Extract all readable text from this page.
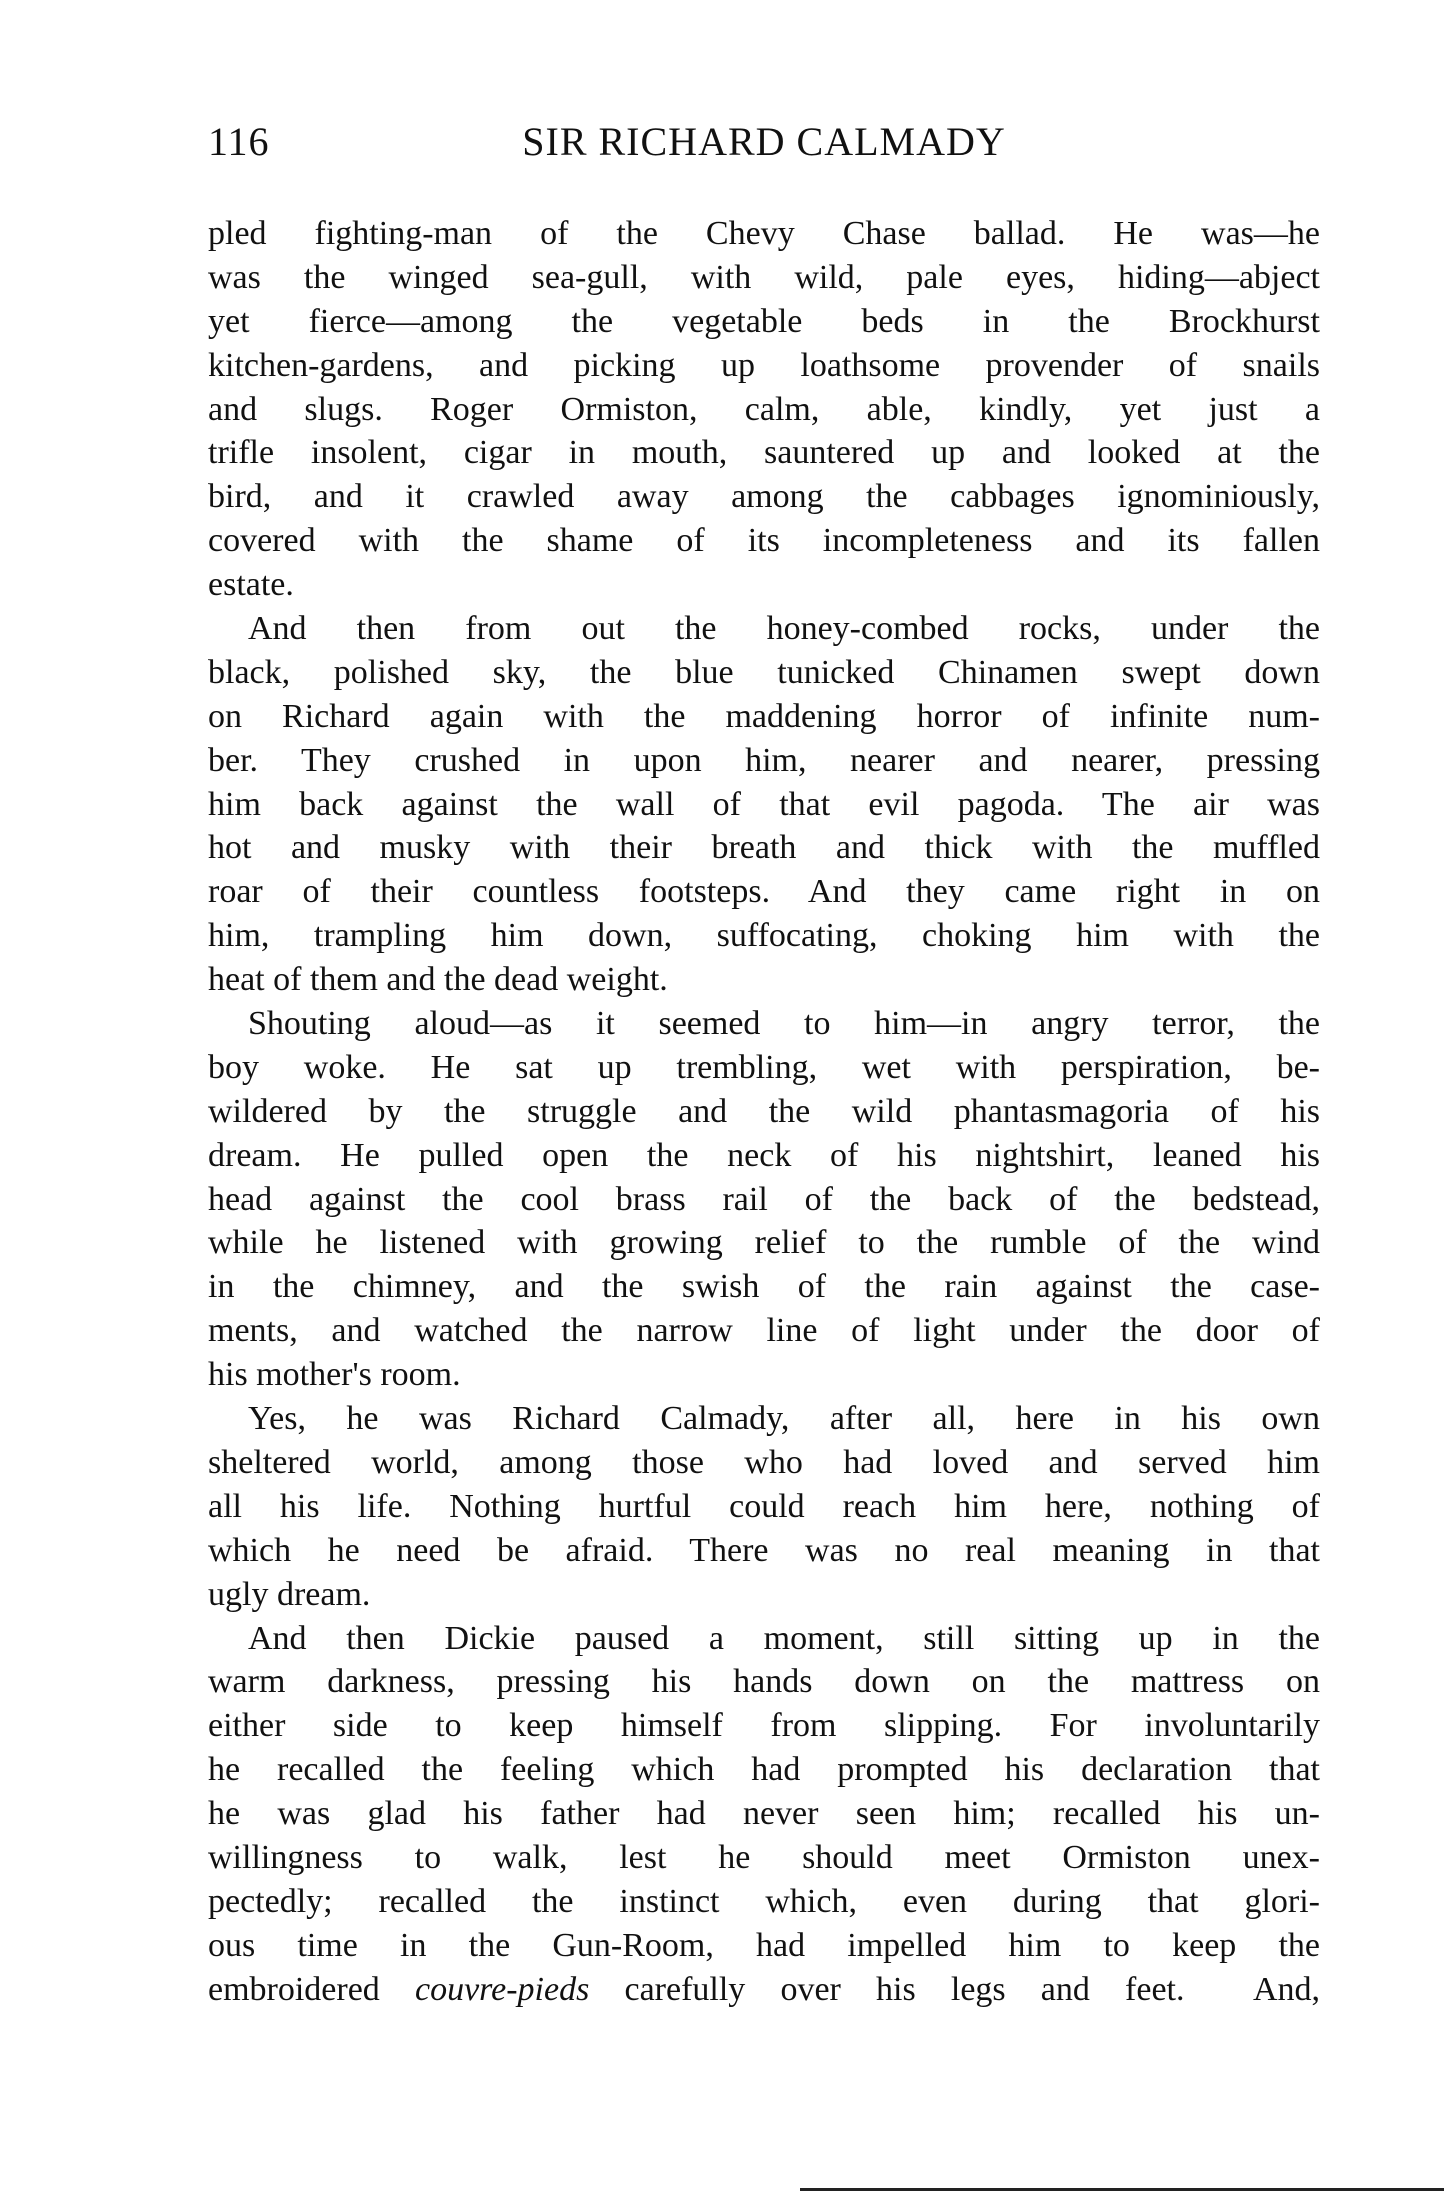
116	SIR RICHARD CALMADY
pled fighting-man of the Chevy Chase ballad. He was—he
was the winged sea-gull, with wild, pale eyes, hiding—abject
yet fierce—among the vegetable beds in the Brockhurst
kitchen-gardens, and picking up loathsome provender of snails
and slugs. Roger Ormiston, calm, able, kindly, yet just a
trifle insolent, cigar in mouth, sauntered up and looked at the
bird, and it crawled away among the cabbages ignominiously,
covered with the shame of its incompleteness and its fallen
estate.
And then from out the honey-combed rocks, under the
black, polished sky, the blue tunicked Chinamen swept down
on Richard again with the maddening horror of infinite num-
ber. They crushed in upon him, nearer and nearer, pressing
him back against the wall of that evil pagoda. The air was
hot and musky with their breath and thick with the muffled
roar of their countless footsteps. And they came right in on
him, trampling him down, suffocating, choking him with the
heat of them and the dead weight.
Shouting aloud—as it seemed to him—in angry terror, the
boy woke. He sat up trembling, wet with perspiration, be-
wildered by the struggle and the wild phantasmagoria of his
dream. He pulled open the neck of his nightshirt, leaned his
head against the cool brass rail of the back of the bedstead,
while he listened with growing relief to the rumble of the wind
in the chimney, and the swish of the rain against the case-
ments, and watched the narrow line of light under the door of
his mother's room.
Yes, he was Richard Calmady, after all, here in his own
sheltered world, among those who had loved and served him
all his life. Nothing hurtful could reach him here, nothing of
which he need be afraid. There was no real meaning in that
ugly dream.
And then Dickie paused a moment, still sitting up in the
warm darkness, pressing his hands down on the mattress on
either side to keep himself from slipping. For involuntarily
he recalled the feeling which had prompted his declaration that
he was glad his father had never seen him; recalled his un-
willingness to walk, lest he should meet Ormiston unex-
pectedly; recalled the instinct which, even during that glori-
ous time in the Gun-Room, had impelled him to keep the
embroidered couvre-pieds carefully over his legs and feet.  And,
